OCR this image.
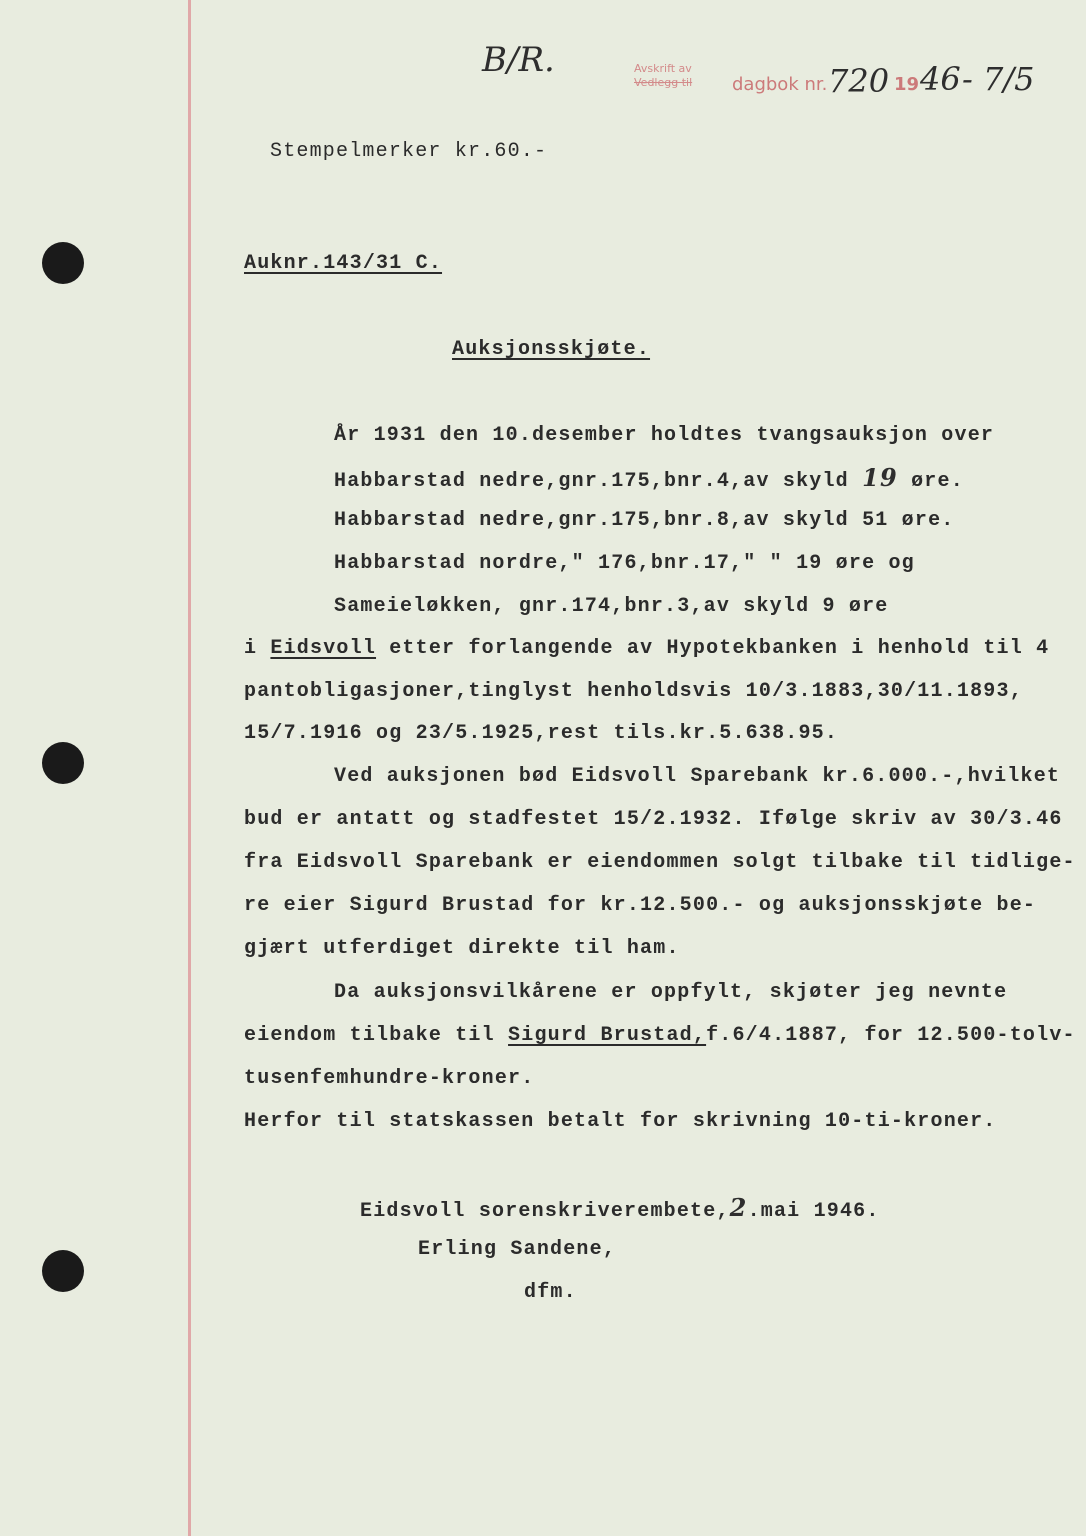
B/R.	Avskrift av
Vedlegg til dagbok nr. 720 19 46 - 7/5
Stempelmerker kr.60.-
Auknr.143/31 C.
Auksjonsskjøte.
År 1931 den 10.desember holdtes tvangsauksjon over
Habbarstad nedre,gnr.175,bnr.4,av skyld 19 øre.
Habbarstad nedre,gnr.175,bnr.8,av skyld 51 øre.
Habbarstad nordre," 176,bnr.17," " 19 øre og
Sameieløkken, gnr.174,bnr.3,av skyld 9 øre
i Eidsvoll etter forlangende av Hypotekbanken i henhold til 4
pantobligasjoner,tinglyst henholdsvis 10/3.1883,30/11.1893,
15/7.1916 og 23/5.1925,rest tils.kr.5.638.95.
Ved auksjonen bød Eidsvoll Sparebank kr.6.000.-,hvilket
bud er antatt og stadfestet 15/2.1932. Ifølge skriv av 30/3.46
fra Eidsvoll Sparebank er eiendommen solgt tilbake til tidlige-
re eier Sigurd Brustad for kr.12.500.- og auksjonsskjøte be-
gjært utferdiget direkte til ham.
Da auksjonsvilkårene er oppfylt, skjøter jeg nevnte
eiendom tilbake til Sigurd Brustad,f.6/4.1887, for 12.500-tolv-
tusenfemhundre-kroner.
Herfor til statskassen betalt for skrivning 10-ti-kroner.
Eidsvoll sorenskriverembete,2.mai 1946.
Erling Sandene,
dfm.
